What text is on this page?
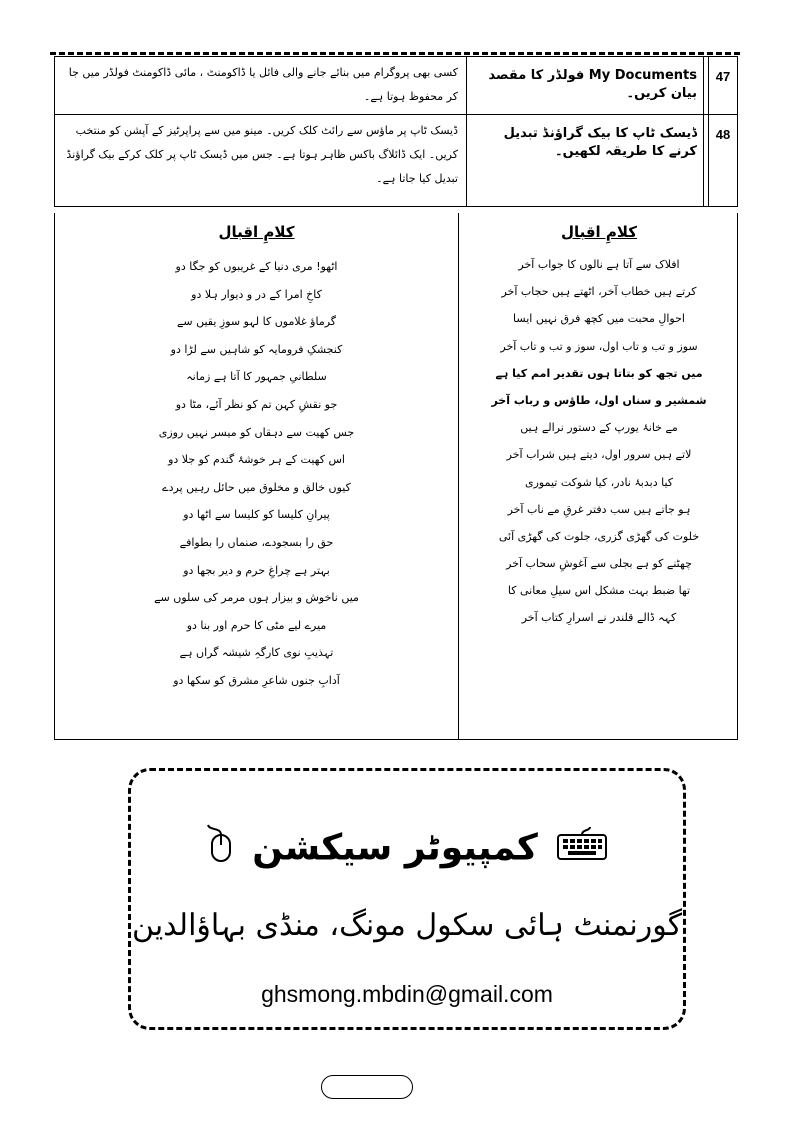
47		My Documents فولڈر کا مقصد بیان کریں۔	کسی بھی پروگرام میں بنائے جانے والی فائل یا ڈاکومنٹ ، مائی ڈاکومنٹ فولڈر میں جا کر محفوظ ہوتا ہے۔
48		ڈیسک ٹاپ کا بیک گراؤنڈ تبدیل کرنے کا طریقہ لکھیں۔	ڈیسک ٹاپ پر ماؤس سے رائٹ کلک کریں۔ مینو میں سے پراپرٹیز کے آپشن کو منتخب کریں۔ ایک ڈائلاگ باکس ظاہر ہوتا ہے۔ جس میں ڈیسک ٹاپ پر کلک کرکے بیک گراؤنڈ تبدیل کیا جاتا ہے۔
کلامِ اقبال
افلاک سے آتا ہے نالوں کا جواب آخر
کرتے ہیں خطاب آخر، اٹھتے ہیں حجاب آخر
احوالِ محبت میں کچھ فرق نہیں ایسا
سوز و تب و تاب اول، سوز و تب و تاب آخر
میں تجھ کو بتاتا ہوں تقدیر امم کیا ہے
شمشیر و سناں اول، طاؤس و رباب آخر
مے خانۂ یورپ کے دستور نرالے ہیں
لاتے ہیں سرور اول، دیتے ہیں شراب آخر
کیا دبدبۂ نادر، کیا شوکت تیموری
ہو جاتے ہیں سب دفتر غرقِ مے ناب آخر
خلوت کی گھڑی گزری، جلوت کی گھڑی آئی
چھٹنے کو ہے بجلی سے آغوشِ سحاب آخر
تھا ضبط بہت مشکل اس سیلِ معانی کا
کہہ ڈالے قلندر نے اسرارِ کتاب آخر
کلامِ اقبال
اٹھو! مری دنیا کے غریبوں کو جگا دو
کاخِ امرا کے در و دیوار ہلا دو
گرماؤ غلاموں کا لہو سوزِ یقیں سے
کنجشکِ فرومایہ کو شاہیں سے لڑا دو
سلطانیِ جمہور کا آتا ہے زمانہ
جو نقشِ کہن تم کو نظر آئے، مٹا دو
جس کھیت سے دہقاں کو میسر نہیں روزی
اس کھیت کے ہر خوشۂ گندم کو جلا دو
کیوں خالق و مخلوق میں حائل رہیں پردے
پیرانِ کلیسا کو کلیسا سے اٹھا دو
حق را بسجودے، صنماں را بطوافے
بہتر ہے چراغِ حرم و دیر بجھا دو
میں ناخوش و بیزار ہوں مرمر کی سلوں سے
میرے لیے مٹی کا حرم اور بنا دو
تہذیبِ نوی کارگہِ شیشہ گراں ہے
آدابِ جنوں شاعرِ مشرق کو سکھا دو
کمپیوٹر سیکشن
گورنمنٹ ہائی سکول مونگ، منڈی بہاؤالدین
ghsmong.mbdin@gmail.com
